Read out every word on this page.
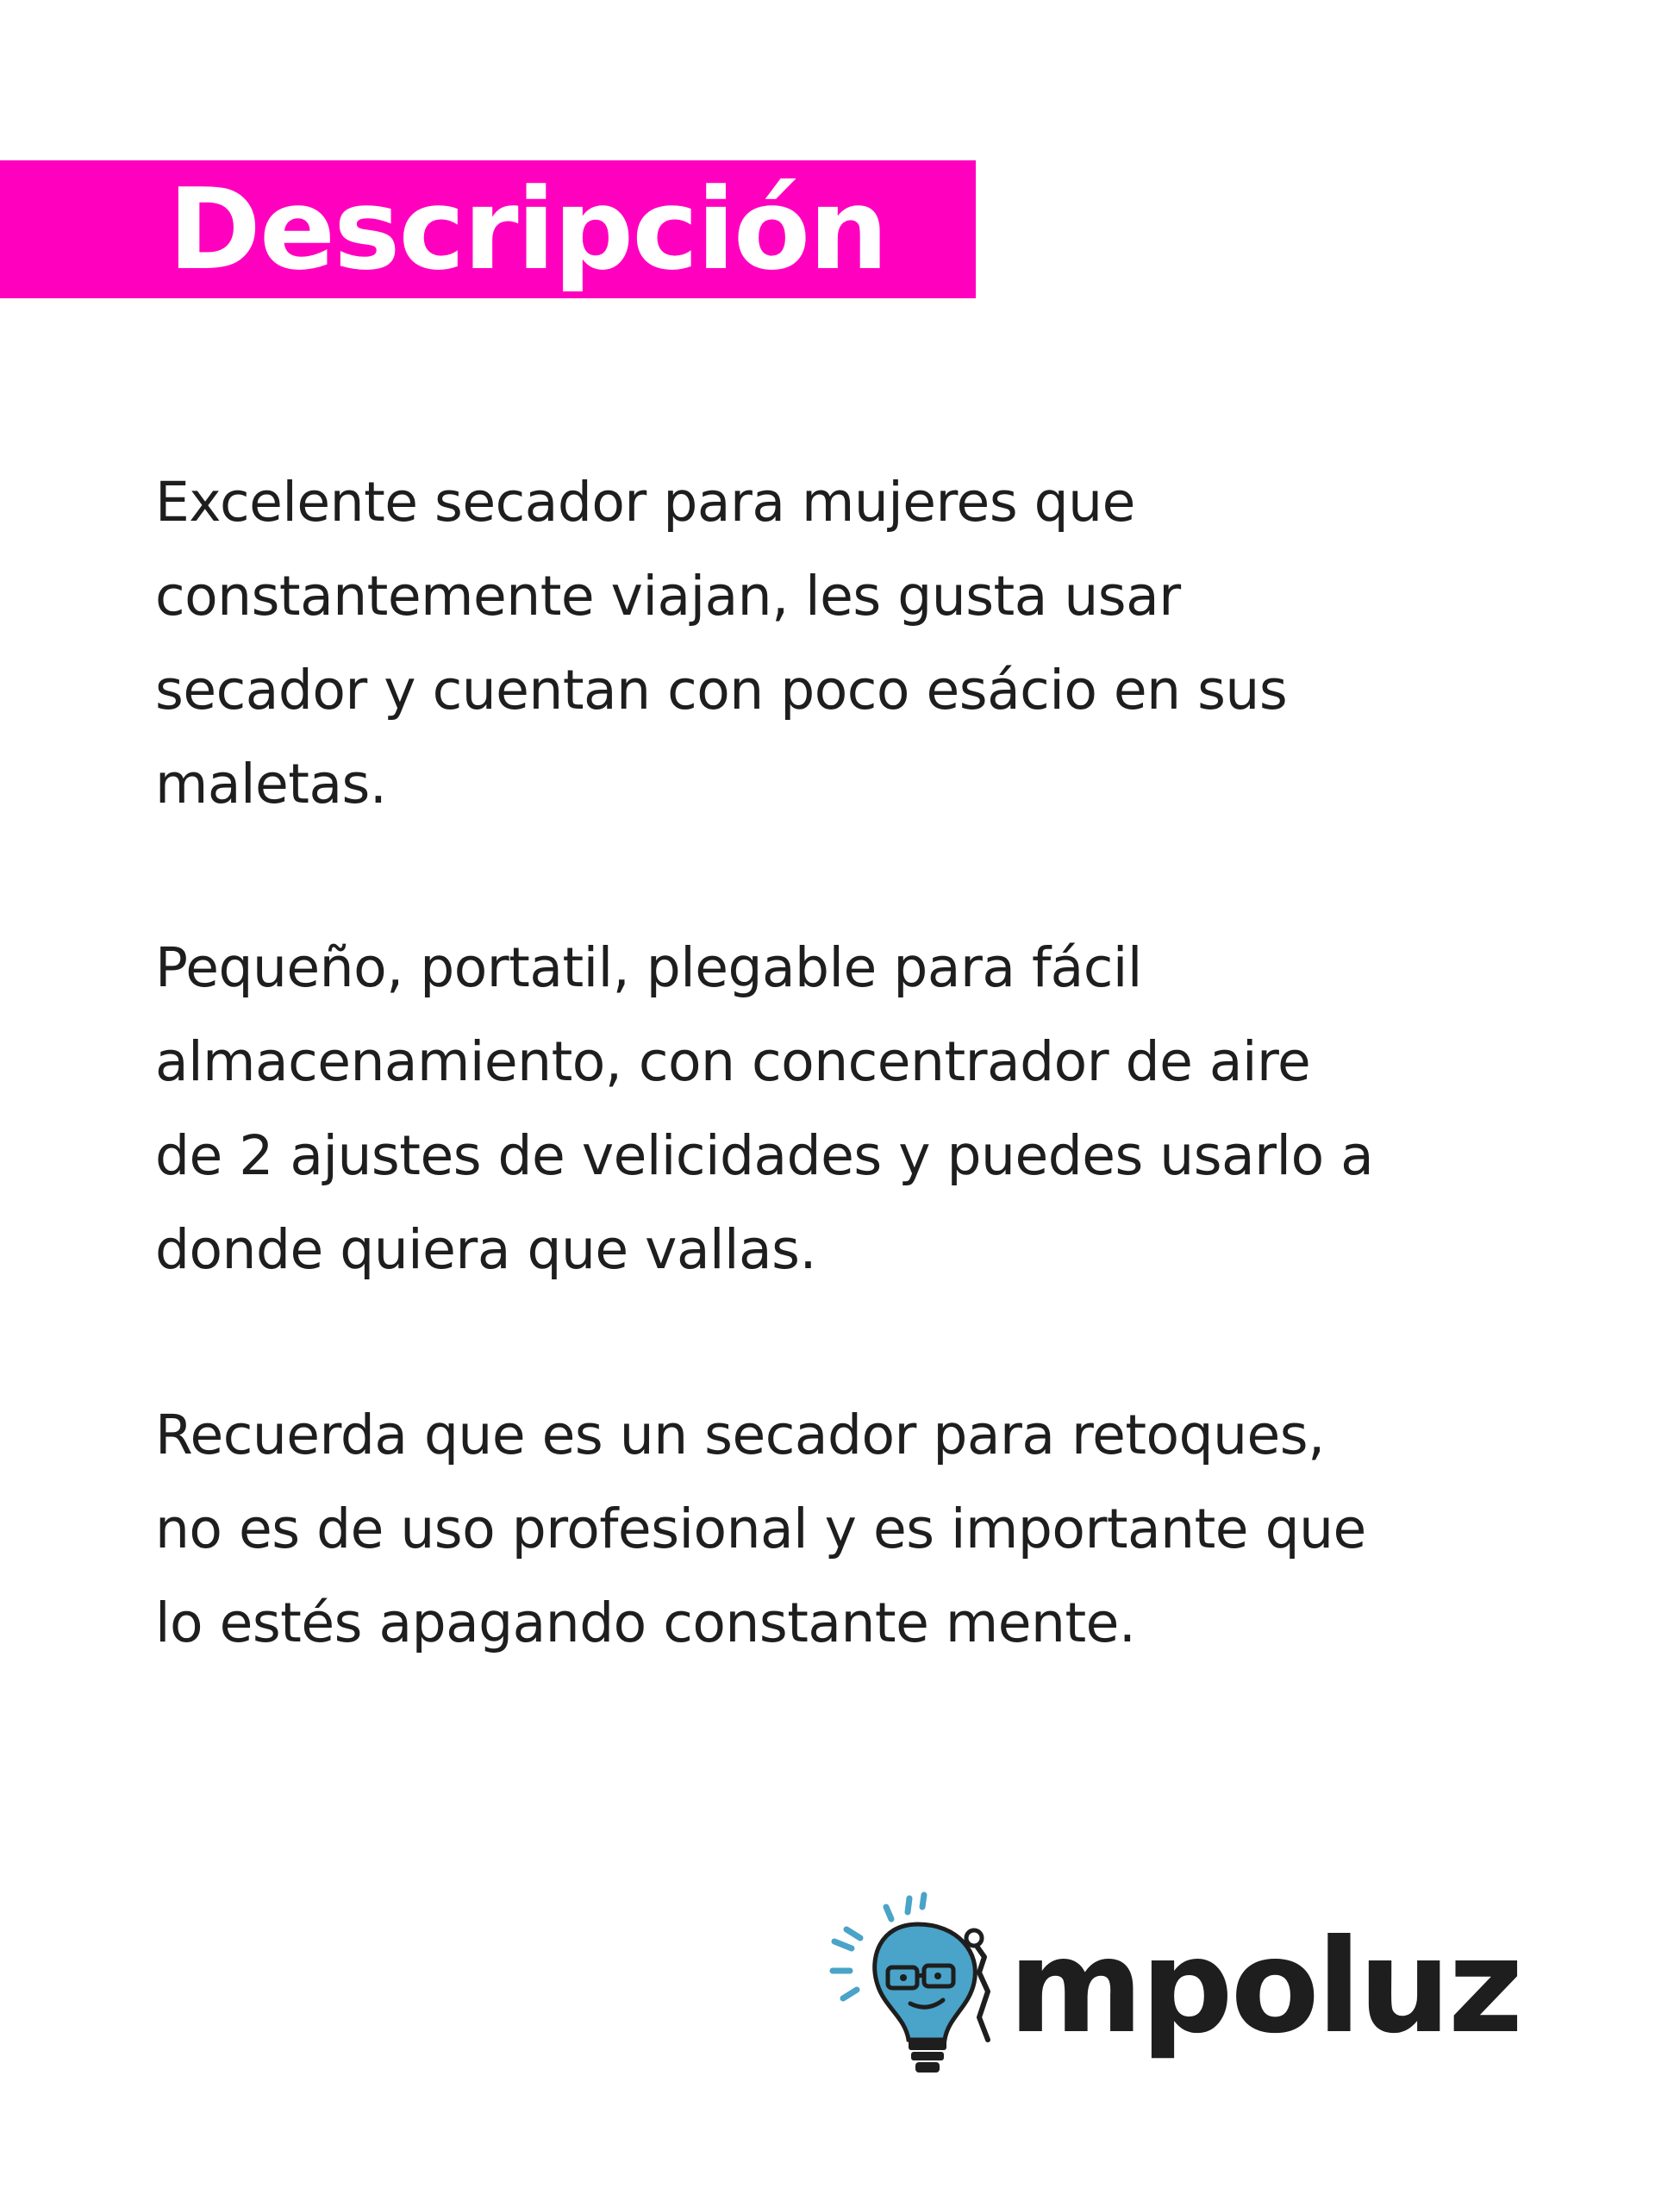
Descripción

Excelente secador para mujeres que
constantemente viajan, les gusta usar
secador y cuentan con poco esácio en sus
maletas.

Pequeño, portatil, plegable para fácil
almacenamiento, con concentrador de aire
de 2 ajustes de velicidades y puedes usarlo a
donde quiera que vallas.

Recuerda que es un secador para retoques,
no es de uso profesional y es importante que
lo estés apagando constante mente.

mpoluz
